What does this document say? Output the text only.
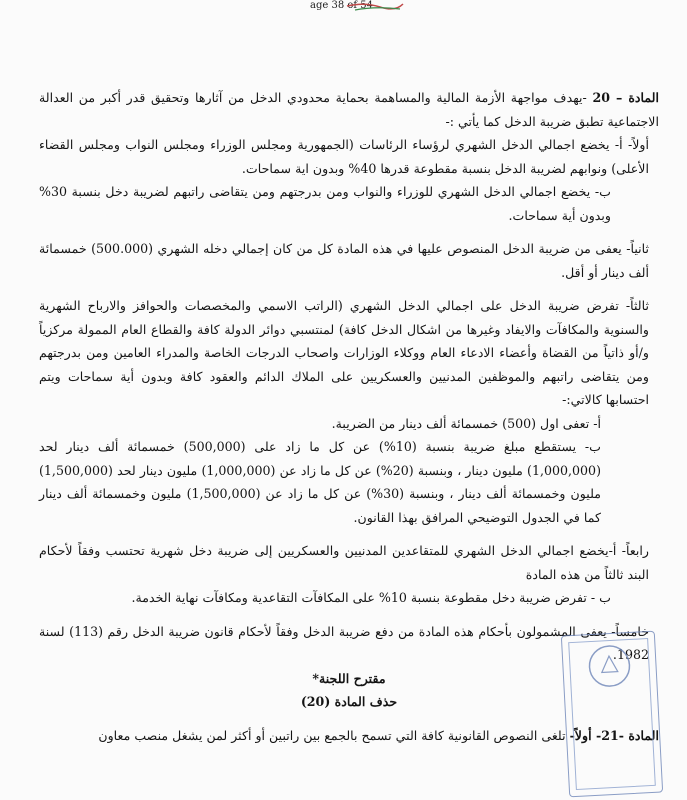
age 38 of 54

المادة – 20 -يهدف مواجهة الأزمة المالية والمساهمة بحماية محدودي الدخل من آثارها وتحقيق قدر أكبر من العدالة الاجتماعية تطبق ضريبة الدخل كما يأتي :-

أولاً- أ- يخضع اجمالي الدخل الشهري لرؤساء الرئاسات (الجمهورية ومجلس الوزراء ومجلس النواب ومجلس القضاء الأعلى) ونوابهم لضريبة الدخل بنسبة مقطوعة قدرها 40% وبدون اية سماحات.

ب- يخضع اجمالي الدخل الشهري للوزراء والنواب ومن بدرجتهم ومن يتقاضى راتبهم لضريبة دخل بنسبة 30% وبدون أية سماحات.

ثانياً- يعفى من ضريبة الدخل المنصوص عليها في هذه المادة كل من كان إجمالي دخله الشهري (500.000) خمسمائة ألف دينار أو أقل.

ثالثاً- تفرض ضريبة الدخل على اجمالي الدخل الشهري (الراتب الاسمي والمخصصات والحوافز والارباح الشهرية والسنوية والمكافآت والايفاد وغيرها من اشكال الدخل كافة) لمنتسبي دوائر الدولة كافة والقطاع العام الممولة مركزياً و/أو ذاتياً من القضاة وأعضاء الادعاء العام ووكلاء الوزارات واصحاب الدرجات الخاصة والمدراء العامين ومن بدرجتهم ومن يتقاضى راتبهم والموظفين المدنيين والعسكريين على الملاك الدائم والعقود كافة وبدون أية سماحات ويتم احتسابها كالاتي:-

أ- تعفى اول (500) خمسمائة ألف دينار من الضريبة.

ب- يستقطع مبلغ ضريبة بنسبة (10%) عن كل ما زاد على (500,000) خمسمائة ألف دينار لحد (1,000,000) مليون دينار ، وبنسبة (20%) عن كل ما زاد عن (1,000,000) مليون دينار لحد (1,500,000) مليون وخمسمائة ألف دينار ، وبنسبة (30%) عن كل ما زاد عن (1,500,000) مليون وخمسمائة ألف دينار كما في الجدول التوضيحي المرافق بهذا القانون.

رابعاً- أ-يخضع اجمالي الدخل الشهري للمتقاعدين المدنيين والعسكريين إلى ضريبة دخل شهرية تحتسب وفقاً لأحكام البند ثالثاً من هذه المادة

ب - تفرض ضريبة دخل مقطوعة بنسبة 10% على المكافآت التقاعدية ومكافآت نهاية الخدمة.

خامساً- يعفى المشمولون بأحكام هذه المادة من دفع ضريبة الدخل وفقاً لأحكام قانون ضريبة الدخل رقم (113) لسنة 1982.

مقترح اللجنة*

حذف المادة (20)

المادة -21- أولاً- تلغى النصوص القانونية كافة التي تسمح بالجمع بين راتبين أو أكثر لمن يشغل منصب معاون
